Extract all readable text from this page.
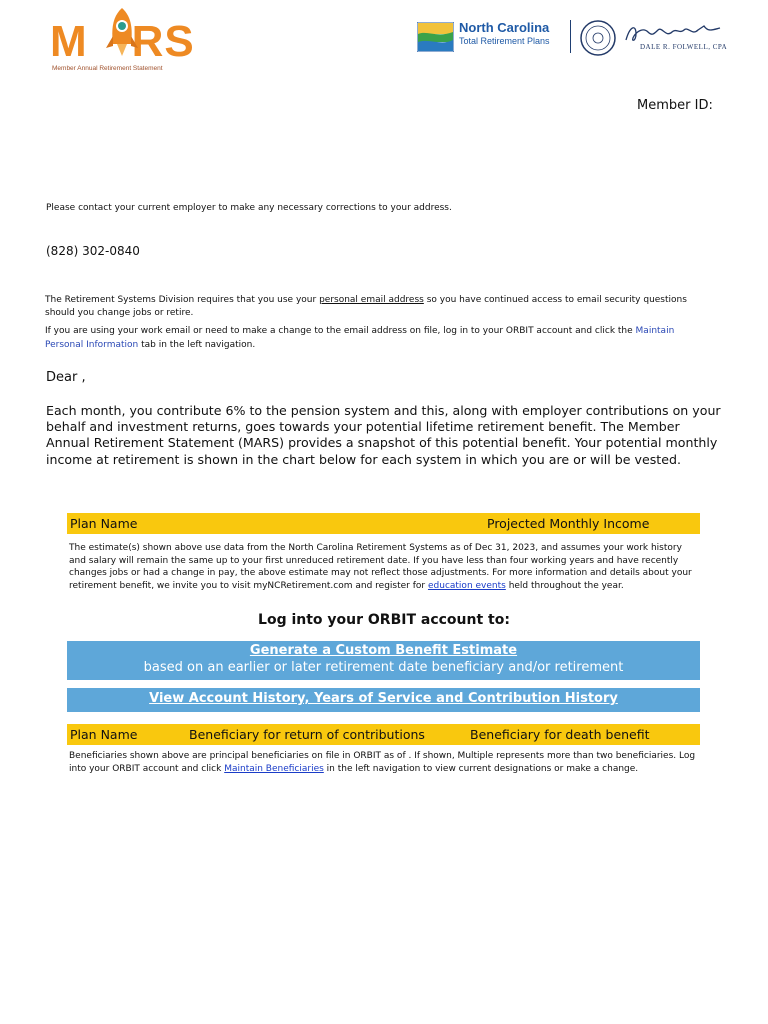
M RS
Member Annual Retirement Statement
North Carolina
Total Retirement Plans
DALE R. FOLWELL, CPA
Member ID:
Please contact your current employer to make any necessary corrections to your address.
(828) 302-0840
The Retirement Systems Division requires that you use your personal email address so you have continued access to email security questions should you change jobs or retire.
If you are using your work email or need to make a change to the email address on file, log in to your ORBIT account and click the Maintain Personal Information tab in the left navigation.
Dear ,
Each month, you contribute 6% to the pension system and this, along with employer contributions on your behalf and investment returns, goes towards your potential lifetime retirement benefit. The Member Annual Retirement Statement (MARS) provides a snapshot of this potential benefit. Your potential monthly income at retirement is shown in the chart below for each system in which you are or will be vested.
Plan Name	Projected Monthly Income
The estimate(s) shown above use data from the North Carolina Retirement Systems as of Dec 31, 2023, and assumes your work history and salary will remain the same up to your first unreduced retirement date. If you have less than four working years and have recently changes jobs or had a change in pay, the above estimate may not reflect those adjustments. For more information and details about your retirement benefit, we invite you to visit myNCRetirement.com and register for education events held throughout the year.
Log into your ORBIT account to:
Generate a Custom Benefit Estimate
based on an earlier or later retirement date beneficiary and/or retirement
View Account History, Years of Service and Contribution History
Plan Name	Beneficiary for return of contributions	Beneficiary for death benefit
Beneficiaries shown above are principal beneficiaries on file in ORBIT as of . If shown, Multiple represents more than two beneficiaries. Log into your ORBIT account and click Maintain Beneficiaries in the left navigation to view current designations or make a change.
